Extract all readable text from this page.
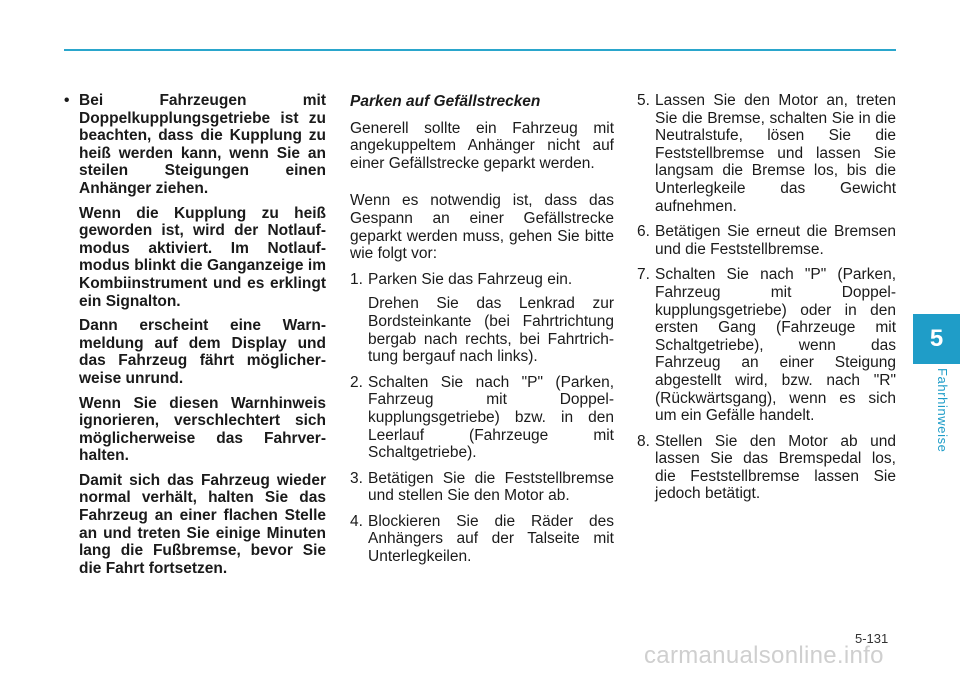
5
Fahrhinweise
• Bei Fahrzeugen mit Doppelkupplungsgetriebe ist zu beachten, dass die Kupplung zu heiß werden kann, wenn Sie an steilen Steigungen einen Anhänger ziehen.
Wenn die Kupplung zu heiß geworden ist, wird der Notlauf-modus aktiviert. Im Notlauf-modus blinkt die Ganganzeige im Kombiinstrument und es erklingt ein Signalton.
Dann erscheint eine Warn-meldung auf dem Display und das Fahrzeug fährt möglicher-weise unrund.
Wenn Sie diesen Warnhinweis ignorieren, verschlechtert sich möglicherweise das Fahrver-halten.
Damit sich das Fahrzeug wieder normal verhält, halten Sie das Fahrzeug an einer flachen Stelle an und treten Sie einige Minuten lang die Fußbremse, bevor Sie die Fahrt fortsetzen.
Parken auf Gefällstrecken
Generell sollte ein Fahrzeug mit angekuppeltem Anhänger nicht auf einer Gefällstrecke geparkt werden.
Wenn es notwendig ist, dass das Gespann an einer Gefällstrecke geparkt werden muss, gehen Sie bitte wie folgt vor:
1. Parken Sie das Fahrzeug ein.
Drehen Sie das Lenkrad zur Bordsteinkante (bei Fahrtrichtung bergab nach rechts, bei Fahrtrich-tung bergauf nach links).
2. Schalten Sie nach "P" (Parken, Fahrzeug mit Doppel-kupplungsgetriebe) bzw. in den Leerlauf (Fahrzeuge mit Schaltgetriebe).
3. Betätigen Sie die Feststellbremse und stellen Sie den Motor ab.
4. Blockieren Sie die Räder des Anhängers auf der Talseite mit Unterlegkeilen.
5. Lassen Sie den Motor an, treten Sie die Bremse, schalten Sie in die Neutralstufe, lösen Sie die Feststellbremse und lassen Sie langsam die Bremse los, bis die Unterlegkeile das Gewicht aufnehmen.
6. Betätigen Sie erneut die Bremsen und die Feststellbremse.
7. Schalten Sie nach "P" (Parken, Fahrzeug mit Doppel-kupplungsgetriebe) oder in den ersten Gang (Fahrzeuge mit Schaltgetriebe), wenn das Fahrzeug an einer Steigung abgestellt wird, bzw. nach "R" (Rückwärtsgang), wenn es sich um ein Gefälle handelt.
8. Stellen Sie den Motor ab und lassen Sie das Bremspedal los, die Feststellbremse lassen Sie jedoch betätigt.
5-131
carmanualsonline.info
